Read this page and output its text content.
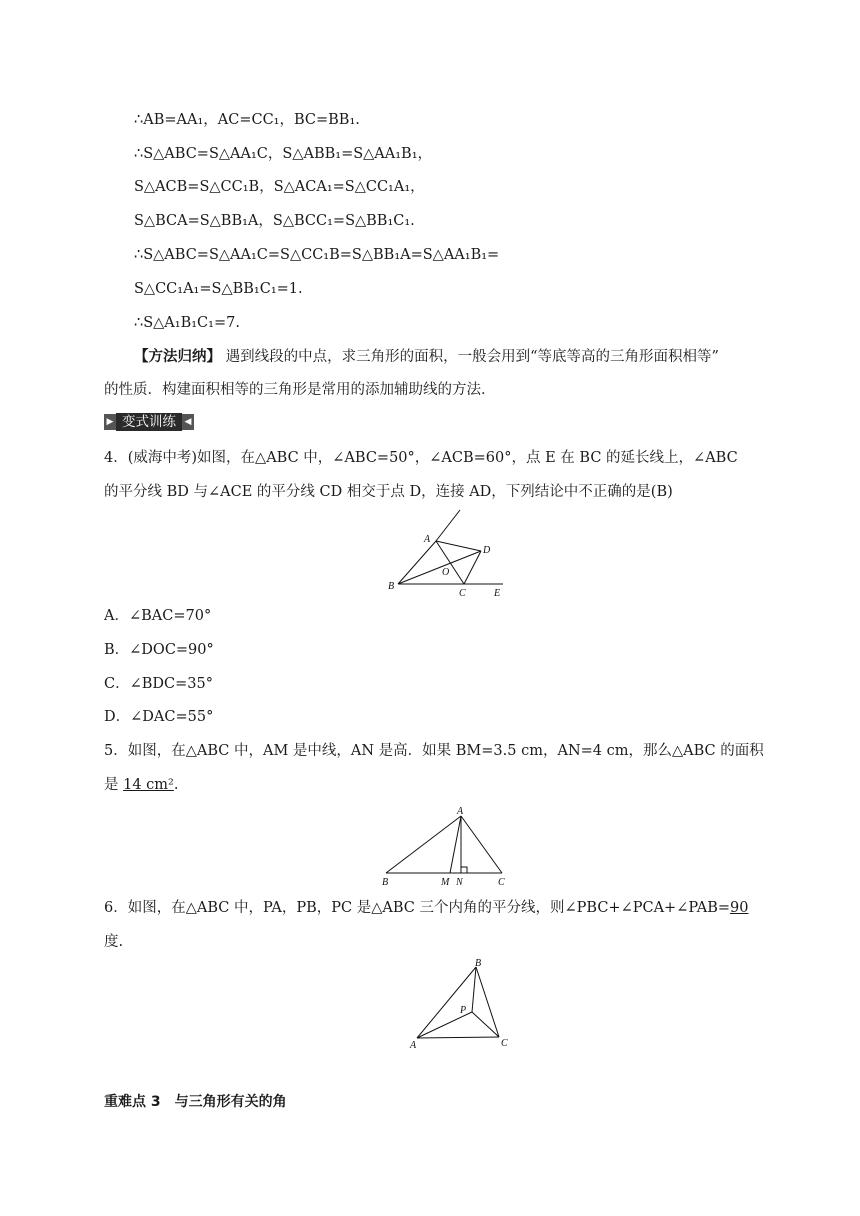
∴AB=AA₁，AC=CC₁，BC=BB₁.
∴S△ABC=S△AA₁C，S△ABB₁=S△AA₁B₁，
S△ACB=S△CC₁B，S△ACA₁=S△CC₁A₁，
S△BCA=S△BB₁A，S△BCC₁=S△BB₁C₁.
∴S△ABC=S△AA₁C=S△CC₁B=S△BB₁A=S△AA₁B₁=
S△CC₁A₁=S△BB₁C₁=1.
∴S△A₁B₁C₁=7.
【方法归纳】 遇到线段的中点，求三角形的面积，一般会用到“等底等高的三角形面积相等”
的性质．构建面积相等的三角形是常用的添加辅助线的方法．
▶ 变式训练 ◀
4．(威海中考)如图，在△ABC 中，∠ABC=50°，∠ACB=60°，点 E 在 BC 的延长线上，∠ABC
的平分线 BD 与∠ACE 的平分线 CD 相交于点 D，连接 AD，下列结论中不正确的是(B)
A
B
C
D
E
O
A．∠BAC=70°
B．∠DOC=90°
C．∠BDC=35°
D．∠DAC=55°
5．如图，在△ABC 中，AM 是中线，AN 是高．如果 BM=3.5 cm，AN=4 cm，那么△ABC 的面积
是 14 cm².
A
B	M N	C
6．如图，在△ABC 中，PA，PB，PC 是△ABC 三个内角的平分线，则∠PBC+∠PCA+∠PAB=90
度.
B
P
A	C
重难点 3　与三角形有关的角
